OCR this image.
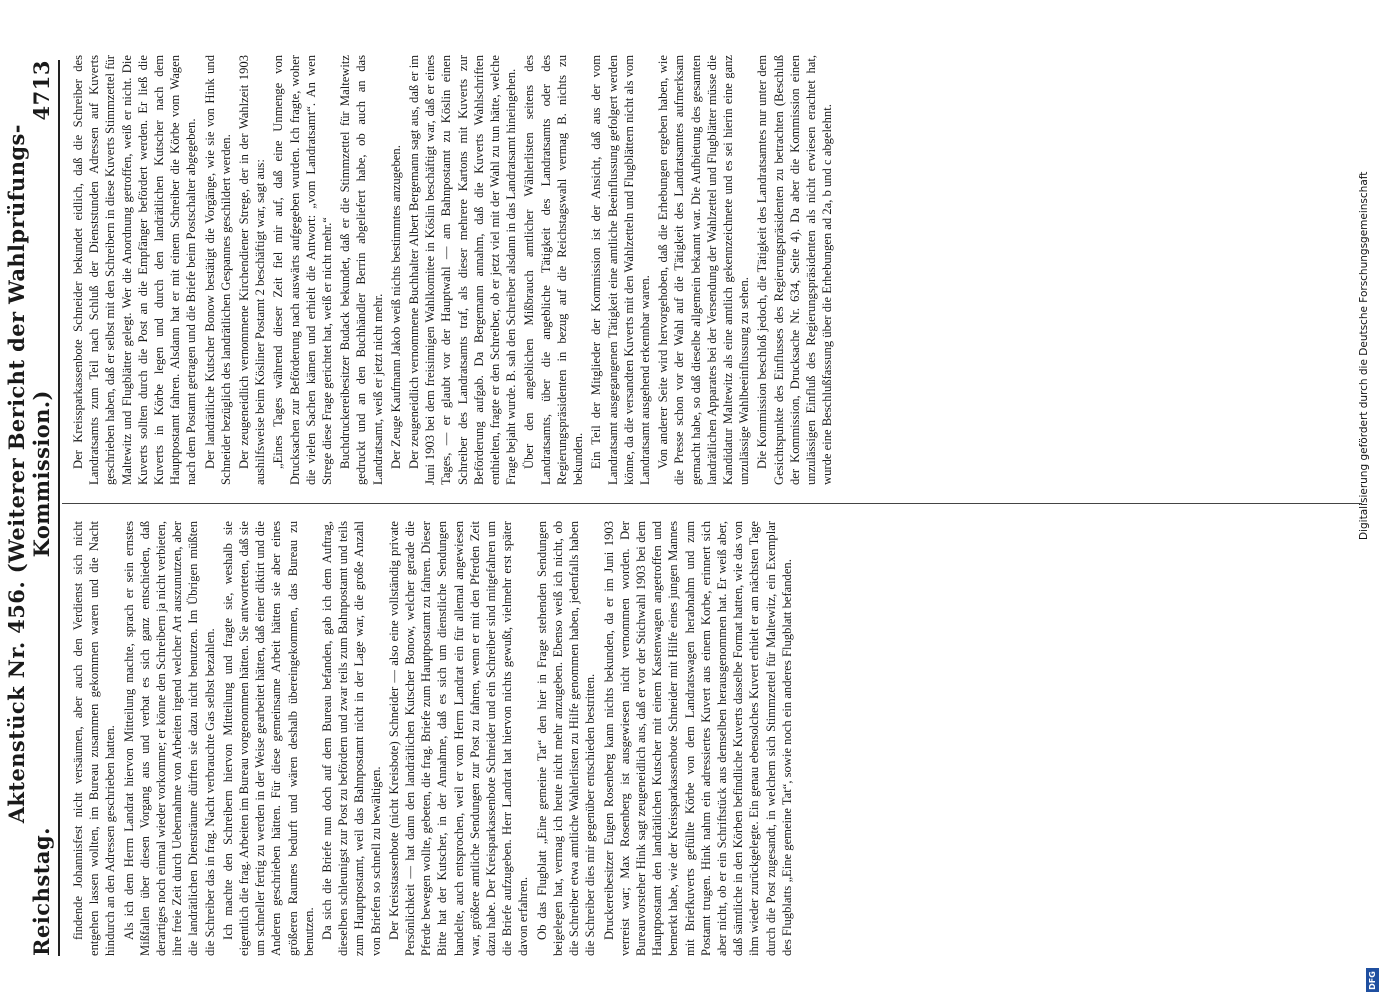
Reichstag.
Aktenstück Nr. 456. (Weiterer Bericht der Wahlprüfungs-Kommission.)
4713

findende Johannisfest nicht versäumen, aber auch den Verdienst sich nicht entgehen lassen wollten, im Bureau zusammen gekommen waren und die Nacht hindurch an den Adressen geschrieben hatten. Als ich dem Herrn Landrat hiervon Mitteilung machte, sprach er sein ernstes Mißfallen über diesen Vorgang aus und verbat es sich ganz entschieden, daß derartiges noch einmal wieder vorkomme; er könne den Schreibern ja nicht verbieten, ihre freie Zeit durch Uebernahme von Arbeiten irgend welcher Art auszunutzen, aber die landrätlichen Diensträume dürften sie dazu nicht benutzen. Im Übrigen müßten die Schreiber das in frag. Nacht verbrauchte Gas selbst bezahlen. Ich machte den Schreibern hiervon Mitteilung und fragte sie, weshalb sie eigentlich die frag. Arbeiten im Bureau vorgenommen hätten. Sie antworteten, daß sie um schneller fertig zu werden in der Weise gearbeitet hätten, daß einer diktirt und die Anderen geschrieben hätten. Für diese gemeinsame Arbeit hätten sie aber eines größeren Raumes bedurft und wären deshalb übereingekommen, das Bureau zu benutzen. Da sich die Briefe nun doch auf dem Bureau befanden, gab ich dem Auftrag, dieselben schleunigst zur Post zu befördern und zwar teils zum Bahnpostamt und teils zum Hauptpostamt, weil das Bahnpostamt nicht in der Lage war, die große Anzahl von Briefen so schnell zu bewältigen. Der Kreisstassenbote (nicht Kreisbote) Schneider — also eine vollständig private Persönlichkeit — hat dann den landrätlichen Kutscher Bonow, welcher gerade die Pferde bewegen wollte, gebeten, die frag. Briefe zum Hauptpostamt zu fahren. Dieser Bitte hat der Kutscher, in der Annahme, daß es sich um dienstliche Sendungen handelte, auch entsprochen, weil er vom Herrn Landrat ein für allemal angewiesen war, größere amtliche Sendungen zur Post zu fahren, wenn er mit den Pferden Zeit dazu habe. Der Kreisparkassenbote Schneider und ein Schreiber sind mitgefahren um die Briefe aufzugeben. Herr Landrat hat hiervon nichts gewußt, vielmehr erst später davon erfahren. Ob das Flugblatt „Eine gemeine Tat“ den hier in Frage stehenden Sendungen beigelegen hat, vermag ich heute nicht mehr anzugeben. Ebenso weiß ich nicht, ob die Schreiber etwa amtliche Wahlerlisten zu Hilfe genommen haben, jedenfalls haben die Schreiber dies mir gegenüber entschieden bestritten. Druckereibesitzer Eugen Rosenberg kann nichts bekunden, da er im Juni 1903 verreist war; Max Rosenberg ist ausgewiesen nicht vernommen worden. Der Bureauvorsteher Hink sagt zeugeneidlich aus, daß er vor der Stichwahl 1903 bei dem Hauptpostamt den landrätlichen Kutscher mit einem Kastenwagen angetroffen und bemerkt habe, wie der Kreissparkassenbote Schneider mit Hilfe eines jungen Mannes mit Briefkuverts gefüllte Körbe von dem Landratswagen herabnahm und zum Postamt trugen. Hink nahm ein adressiertes Kuvert aus einem Korbe, erinnert sich aber nicht, ob er ein Schriftstück aus demselben herausgenommen hat. Er weiß aber, daß sämtliche in den Körben befindliche Kuverts dasselbe Format hatten, wie das von ihm wieder zurückgelegte. Ein genau ebensolches Kuvert erhielt er am nächsten Tage durch die Post zugesandt, in welchem sich Stimmzettel für Maltewitz, ein Exemplar des Flugblatts „Eine gemeine Tat“, sowie noch ein anderes Flugblatt befanden.

Der Kreissparkassenbote Schneider bekundet eidlich, daß die Schreiber des Landratsamts zum Teil nach Schluß der Dienststunden Adressen auf Kuverts geschrieben haben, daß er selbst mit den Schreibern in diese Kuverts Stimmzettel für Maltewitz und Flugblätter gelegt. Wer die Anordnung getroffen, weiß er nicht. Die Kuverts sollten durch die Post an die Empfänger befördert werden. Er ließ die Kuverts in Körbe legen und durch den landrätlichen Kutscher nach dem Hauptpostamt fahren. Alsdann hat er mit einem Schreiber die Körbe vom Wagen nach dem Postamt getragen und die Briefe beim Postschalter abgegeben. Der landrätliche Kutscher Bonow bestätigt die Vorgänge, wie sie von Hink und Schneider bezüglich des landrätlichen Gespannes geschildert werden. Der zeugeneidlich vernommene Kirchendiener Strege, der in der Wahlzeit 1903 aushilfsweise beim Kösliner Postamt 2 beschäftigt war, sagt aus: „Eines Tages während dieser Zeit fiel mir auf, daß eine Unmenge von Drucksachen zur Beförderung nach auswärts aufgegeben wurden. Ich fragte, woher die vielen Sachen kämen und erhielt die Antwort: „vom Landratsamt“. An wen Strege diese Frage gerichtet hat, weiß er nicht mehr.“ Buchdruckereibesitzer Budack bekundet, daß er die Stimmzettel für Maltewitz gedruckt und an den Buchhändler Berrin abgeliefert habe, ob auch an das Landratsamt, weiß er jetzt nicht mehr. Der Zeuge Kaufmann Jakob weiß nichts bestimmtes anzugeben. Der zeugeneidlich vernommene Buchhalter Albert Bergemann sagt aus, daß er im Juni 1903 bei dem freisinnigen Wahlkomitee in Köslin beschäftigt war, daß er eines Tages, — er glaubt vor der Hauptwahl — am Bahnpostamt zu Köslin einen Schreiber des Landratsamts traf, als dieser mehrere Kartons mit Kuverts zur Beförderung aufgab. Da Bergemann annahm, daß die Kuverts Wahlschriften enthielten, fragte er den Schreiber, ob er jetzt viel mit der Wahl zu tun hätte, welche Frage bejaht wurde. B. sah den Schreiber alsdann in das Landratsamt hineingehen. Über den angeblichen Mißbrauch amtlicher Wählerlisten seitens des Landratsamts, über die angebliche Tätigkeit des Landratsamts oder des Regierungspräsidenten in bezug auf die Reichstagswahl vermag B. nichts zu bekunden. Ein Teil der Mitglieder der Kommission ist der Ansicht, daß aus der vom Landratsamt ausgegangenen Tätigkeit eine amtliche Beeinflussung gefolgert werden könne, da die versandten Kuverts mit den Wahlzetteln und Flugblättern nicht als vom Landratsamt ausgehend erkennbar waren. Von anderer Seite wird hervorgehoben, daß die Erhebungen ergeben haben, wie die Presse schon vor der Wahl auf die Tätigkeit des Landratsamtes aufmerksam gemacht habe, so daß dieselbe allgemein bekannt war. Die Aufbietung des gesamten landrätlichen Apparates bei der Versendung der Wahlzettel und Flugblätter müsse die Kandidatur Maltewitz als eine amtlich gekennzeichnete und es sei hierin eine ganz unzulässige Wahlbeeinflussung zu sehen. Die Kommission beschloß jedoch, die Tätigkeit des Landratsamtes nur unter dem Gesichtspunkte des Einflusses des Regierungspräsidenten zu betrachten (Beschluß der Kommission, Drucksache Nr. 634, Seite 4). Da aber die Kommission einen unzulässigen Einfluß des Regierungspräsidenten als nicht erwiesen erachtet hat, wurde eine Beschlußfassung über die Erhebungen ad 2a, b und c abgelehnt.	Digitalisierung gefördert durch die Deutsche Forschungsgemeinschaft
DFG
